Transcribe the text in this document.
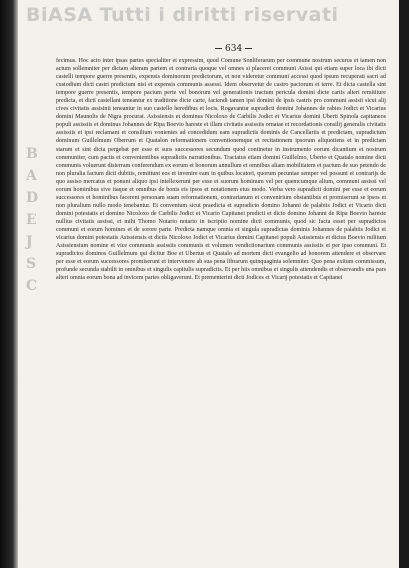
BiASA Tutti i diritti riservati
B
A
D
E
J
S
C
634

fecimus. Hoc acto inter ipsas partes specialiter et expressim, quod Comune Sonliferarum per commune nostrum securus et tamen non actum sollemniter per dictam alteram partem et contraria quoque vel omnes si placeret communi Asissi qui etiam super loca ibi dicti castelli tempore guerre presentis, expensis dominorum predictorum, et non videretur communi accessi quod ipsum recuperati sacri ad custodium dicti castri predictum nisi et expensis communis assessi. Idem observetur de castro pactorum et terre. Et dicta castella sint tempore guerre presentis, tempore pacium perte vel bonorum vel generationis tractum pericula domini dicte cartis alteri remititure predicta, et dicti castellani teneantur ex traditione dicte carte, faciendi tamen ipsi domini de ipsis castris pro communi assisii sicut alij cives civitatis assisinii teneantur in suo castello heredibus et locis. Rogavantur supradicti domini Johannes de rabies Jodict et Vicarius domini Maunolis de Nigra procurat. Asissiensis et dominus Nicoloxo de Carbilis Jodict et Vicarius domini Uberti Spinola capitaneos populi assissiis et dominus Johannes de Ripa Boevio hareste et illam civitatis assissiis ornatae et recordationis consilij generalis civitatis assissiis et ipsi reclamant et consilium vonientes ad concedidum eam supradictis dominis de Cancellariis et predictam, supradictum dominum Guillelmum Oberrum et Quatalon reformationem conventionemque et recitationem ipsorum aliquotiens et in predictam starum et sint dicta pergebat per esse et suos successores secundum quod continetur in instrumento eorum dicantium et nostrum communiter, cum pactis et convenientibus supradictis narrationibus. Tractatus etiam domini Guillelmo, Uberto et Quatalo nomine dicti communis voluerunt disterram conferendum ex eorum et bonorum annullum et omnibus aliam mobilitatem et pactum de suo petendo de non pluralia factum dicti dubitis, remittunt eos et invenire eam in quibus locatori, quorum pecuniae semper vel possunt et contrarijs de quo assiso mercatus et ponunt aliquo ipsi intellexerunt per esse et suorum hominum vel per quemcumque alium, communi assissi vel eorum hominibus sive itaque et omnibus de bonis eis ipsos et notationem eius modo. Verba vero supradicti domini per esse et eorum successores et hominibus facerent personam suam reformationem, contrarianum et convenirium obstantibus et promiserunt se ipsos et non pluralium nullo modo tenebantur. Et conventum sicut praedicta et supradicto domino Johanni de palabiis Jodict et Vicario dicti domini potestatis et domino Nicoloxo de Carbilis Jodict et Vicario Capitanei predicti et dicto domino Johanni de Ripa Boevio hareste nullius civitatis assissi, et mihi Thomo Notario notario in iscriptio nomine dicti communis, quod sic facta esset per supradictos communi et eorum homines et de sorore parte. Predicta namque omnia et singula supradictas dominis Johannes de palabiis Jodict et vicarius domini potestatis Asissiensis et dictis Nicoloxo Jodict et Vicarius domini Capitanei populi Asissiensis et dictus Boevio militum Asissiensium nomine et vice communis assissiis communis et volumen vendictionarium communis assissiis et per ipso communi. Et supradictos dominos Guillelmum qui dicitur Boe et Ubertus et Quatalo ad mortem dicti evangelio ad honorem attendere et observare per esse et eorum successores promiserunt et intervenere ab sua pena librarum quinquaginta solemniter. Quo pena exitum commissum, profunde secunda stabilit in omnibus et singulis capitulis supradictis. Et per hiis omnibus et singulis attendendis et observandis una pars alteri omnia eorum bona ad invicem partes obligaverunt. Et prementerint dicti Jodices et Vicarij potestatis et Capitanei
